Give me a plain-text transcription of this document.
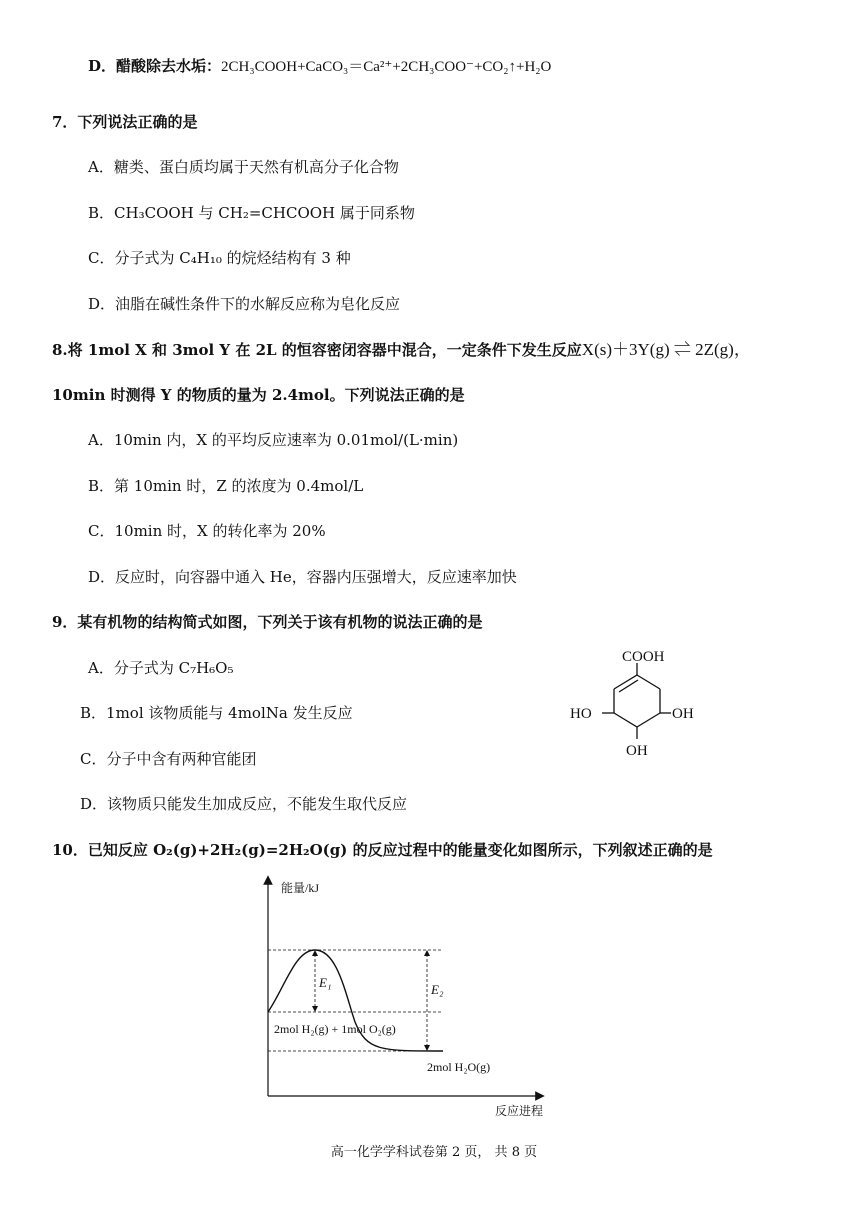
D．醋酸除去水垢：2CH₃COOH+CaCO₃＝Ca²⁺+2CH₃COO⁻+CO₂↑+H₂O
7．下列说法正确的是
A．糖类、蛋白质均属于天然有机高分子化合物
B．CH₃COOH 与 CH₂=CHCOOH 属于同系物
C．分子式为 C₄H₁₀ 的烷烃结构有 3 种
D．油脂在碱性条件下的水解反应称为皂化反应
8.将 1mol X 和 3mol Y 在 2L 的恒容密闭容器中混合，一定条件下发生反应X(s)＋3Y(g) ⇌ 2Z(g)，
10min 时测得 Y 的物质的量为 2.4mol。下列说法正确的是
A．10min 内，X 的平均反应速率为 0.01mol/(L·min)
B．第 10min 时，Z 的浓度为 0.4mol/L
C．10min 时，X 的转化率为 20%
D．反应时，向容器中通入 He，容器内压强增大，反应速率加快
9．某有机物的结构简式如图，下列关于该有机物的说法正确的是
A．分子式为 C₇H₆O₅
B．1mol 该物质能与 4molNa 发生反应
C．分子中含有两种官能团
D．该物质只能发生加成反应，不能发生取代反应
COOH
HO	OH
OH
10．已知反应 O₂(g)+2H₂(g)=2H₂O(g) 的反应过程中的能量变化如图所示，下列叙述正确的是
能量/kJ
反应进程
E₁	E₂
2mol H₂(g) + 1mol O₂(g)
2mol H₂O(g)
高一化学学科试卷第 2 页， 共 8 页
